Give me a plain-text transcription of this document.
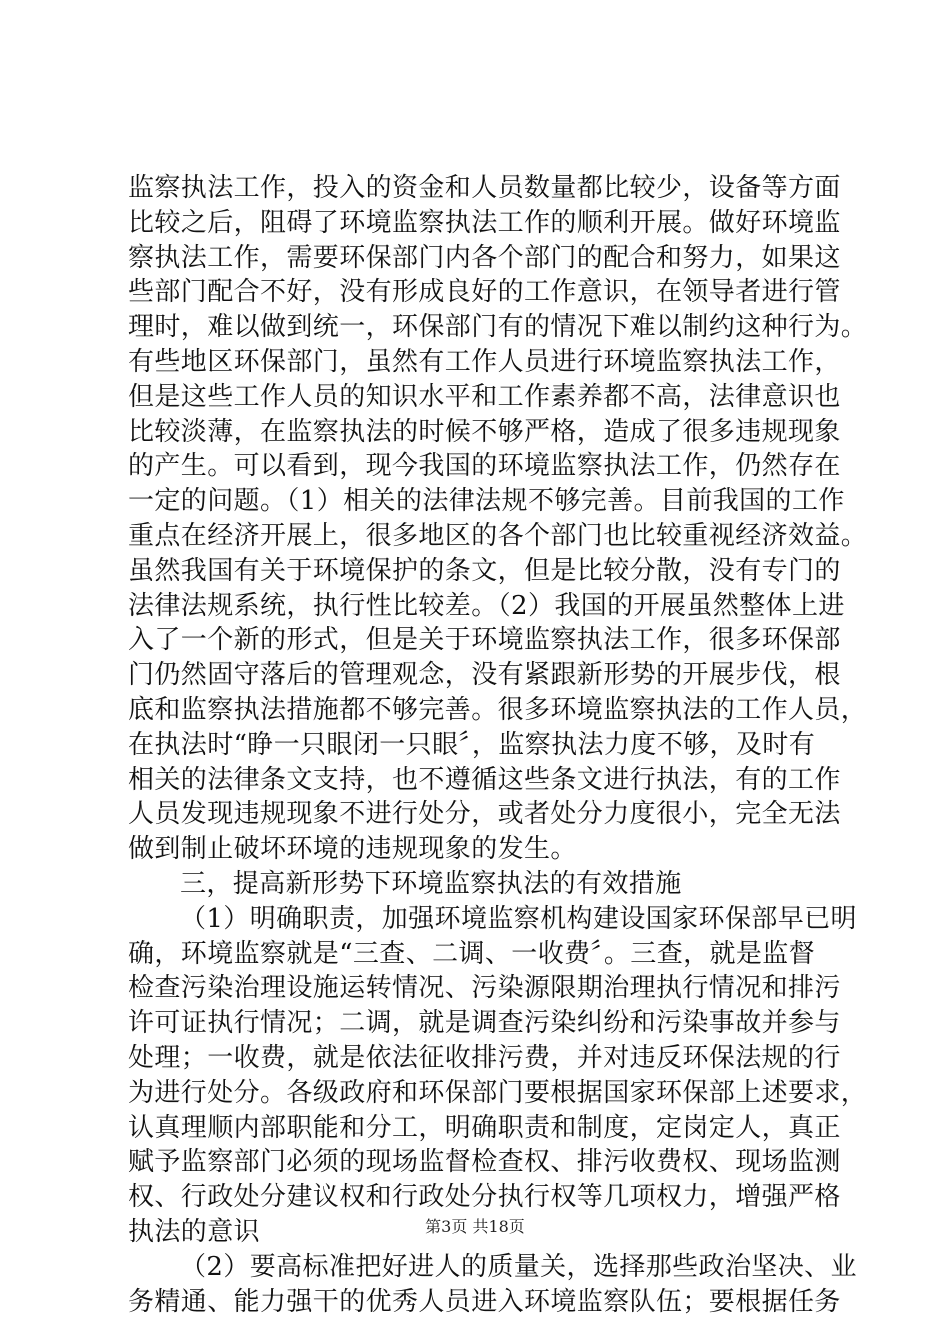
监察执法工作，投入的资金和人员数量都比较少，设备等方面
比较之后，阻碍了环境监察执法工作的顺利开展。做好环境监
察执法工作，需要环保部门内各个部门的配合和努力，如果这
些部门配合不好，没有形成良好的工作意识，在领导者进行管
理时，难以做到统一，环保部门有的情况下难以制约这种行为。
有些地区环保部门，虽然有工作人员进行环境监察执法工作，
但是这些工作人员的知识水平和工作素养都不高，法律意识也
比较淡薄，在监察执法的时候不够严格，造成了很多违规现象
的产生。可以看到，现今我国的环境监察执法工作，仍然存在
一定的问题。（1）相关的法律法规不够完善。目前我国的工作
重点在经济开展上，很多地区的各个部门也比较重视经济效益。
虽然我国有关于环境保护的条文，但是比较分散，没有专门的
法律法规系统，执行性比较差。（2）我国的开展虽然整体上进
入了一个新的形式，但是关于环境监察执法工作，很多环保部
门仍然固守落后的管理观念，没有紧跟新形势的开展步伐，根
底和监察执法措施都不够完善。很多环境监察执法的工作人员，
在执法时“睁一只眼闭一只眼〞，监察执法力度不够，及时有
相关的法律条文支持，也不遵循这些条文进行执法，有的工作
人员发现违规现象不进行处分，或者处分力度很小，完全无法
做到制止破坏环境的违规现象的发生。
三，提高新形势下环境监察执法的有效措施
（1）明确职责，加强环境监察机构建设国家环保部早已明
确，环境监察就是“三查、二调、一收费〞。三查，就是监督
检查污染治理设施运转情况、污染源限期治理执行情况和排污
许可证执行情况；二调，就是调查污染纠纷和污染事故并参与
处理；一收费，就是依法征收排污费，并对违反环保法规的行
为进行处分。各级政府和环保部门要根据国家环保部上述要求，
认真理顺内部职能和分工，明确职责和制度，定岗定人，真正
赋予监察部门必须的现场监督检查权、排污收费权、现场监测
权、行政处分建议权和行政处分执行权等几项权力，增强严格
执法的意识
（2）要高标准把好进人的质量关，选择那些政治坚决、业
务精通、能力强干的优秀人员进入环境监察队伍；要根据任务
第3页 共18页
